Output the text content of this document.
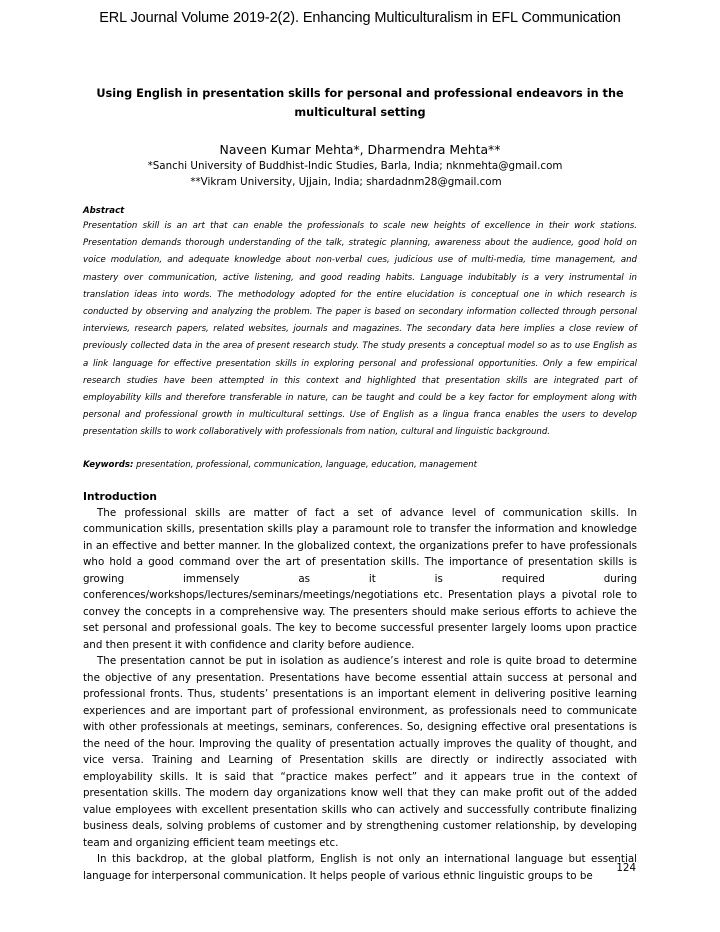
ERL Journal Volume 2019-2(2). Enhancing Multiculturalism in EFL Communication

Using English in presentation skills for personal and professional endeavors in the multicultural setting

Naveen Kumar Mehta*, Dharmendra Mehta**
*Sanchi University of Buddhist-Indic Studies, Barla, India; nknmehta@gmail.com
**Vikram University, Ujjain, India; shardadnm28@gmail.com
Abstract

Presentation skill is an art that can enable the professionals to scale new heights of excellence in their work stations. Presentation demands thorough understanding of the talk, strategic planning, awareness about the audience, good hold on voice modulation, and adequate knowledge about non-verbal cues, judicious use of multi-media, time management, and mastery over communication, active listening, and good reading habits. Language indubitably is a very instrumental in translation ideas into words. The methodology adopted for the entire elucidation is conceptual one in which research is conducted by observing and analyzing the problem. The paper is based on secondary information collected through personal interviews, research papers, related websites, journals and magazines. The secondary data here implies a close review of previously collected data in the area of present research study. The study presents a conceptual model so as to use English as a link language for effective presentation skills in exploring personal and professional opportunities. Only a few empirical research studies have been attempted in this context and highlighted that presentation skills are integrated part of employability kills and therefore transferable in nature, can be taught and could be a key factor for employment along with personal and professional growth in multicultural settings. Use of English as a lingua franca enables the users to develop presentation skills to work collaboratively with professionals from nation, cultural and linguistic background.

Keywords: presentation, professional, communication, language, education, management
Introduction

The professional skills are matter of fact a set of advance level of communication skills. In communication skills, presentation skills play a paramount role to transfer the information and knowledge in an effective and better manner. In the globalized context, the organizations prefer to have professionals who hold a good command over the art of presentation skills. The importance of presentation skills is growing immensely as it is required during conferences/workshops/lectures/seminars/meetings/negotiations etc. Presentation plays a pivotal role to convey the concepts in a comprehensive way. The presenters should make serious efforts to achieve the set personal and professional goals. The key to become successful presenter largely looms upon practice and then present it with confidence and clarity before audience.

The presentation cannot be put in isolation as audience’s interest and role is quite broad to determine the objective of any presentation. Presentations have become essential attain success at personal and professional fronts. Thus, students’ presentations is an important element in delivering positive learning experiences and are important part of professional environment, as professionals need to communicate with other professionals at meetings, seminars, conferences. So, designing effective oral presentations is the need of the hour. Improving the quality of presentation actually improves the quality of thought, and vice versa. Training and Learning of Presentation skills are directly or indirectly associated with employability skills. It is said that “practice makes perfect” and it appears true in the context of presentation skills. The modern day organizations know well that they can make profit out of the added value employees with excellent presentation skills who can actively and successfully contribute finalizing business deals, solving problems of customer and by strengthening customer relationship, by developing team and organizing efficient team meetings etc.

In this backdrop, at the global platform, English is not only an international language but essential language for interpersonal communication. It helps people of various ethnic linguistic groups to be

124
